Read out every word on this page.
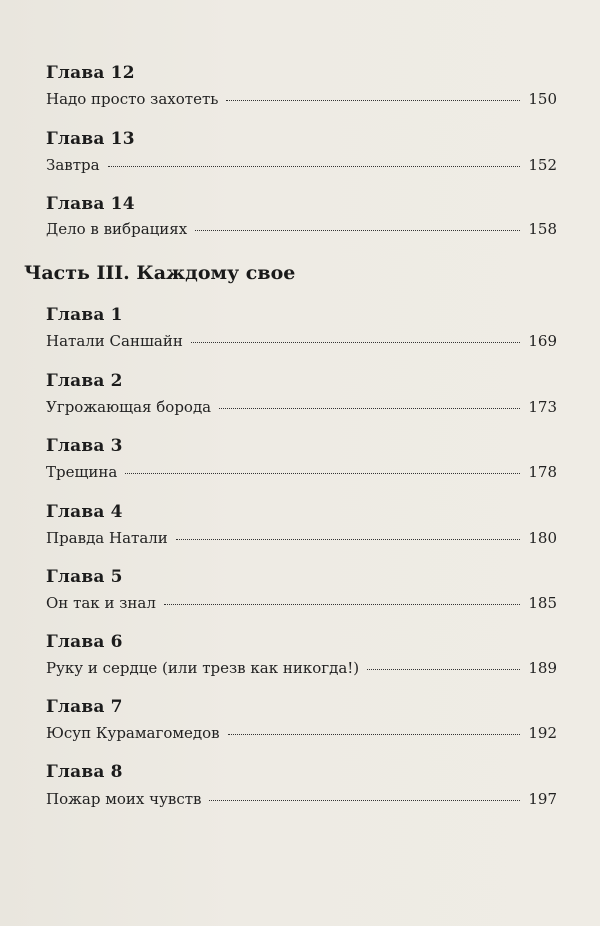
Глава 12
Надо просто захотеть	150
Глава 13
Завтра	152
Глава 14
Дело в вибрациях	158
Часть III. Каждому свое
Глава 1
Натали Саншайн	169
Глава 2
Угрожающая борода	173
Глава 3
Трещина	178
Глава 4
Правда Натали	180
Глава 5
Он так и знал	185
Глава 6
Руку и сердце (или трезв как никогда!)	189
Глава 7
Юсуп Курамагомедов	192
Глава 8
Пожар моих чувств	197
